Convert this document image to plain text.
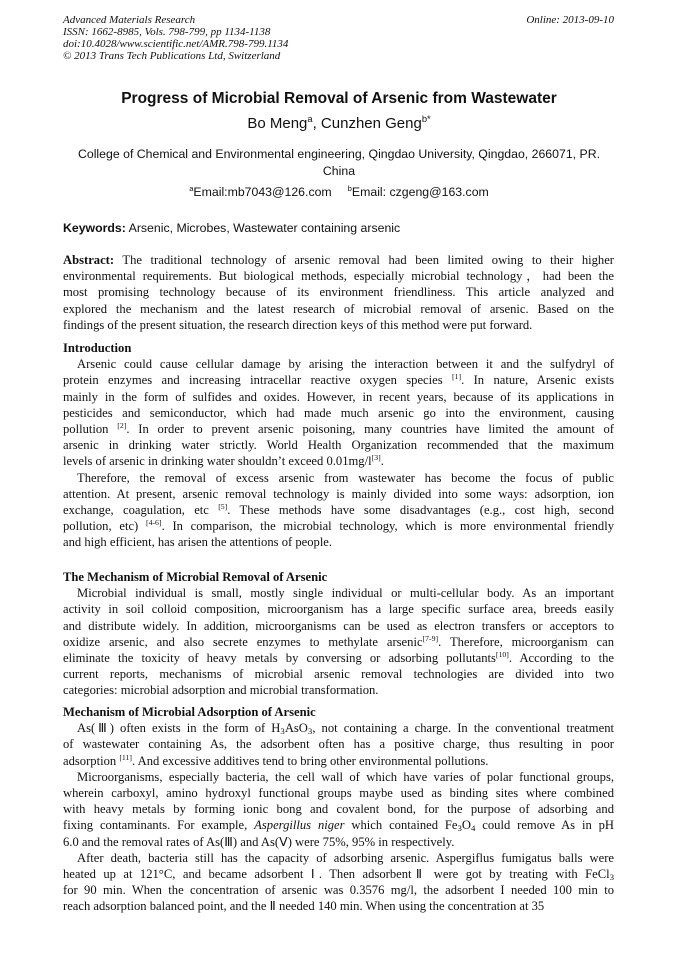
Advanced Materials Research
ISSN: 1662-8985, Vols. 798-799, pp 1134-1138
doi:10.4028/www.scientific.net/AMR.798-799.1134
© 2013 Trans Tech Publications Ltd, Switzerland
Online: 2013-09-10
Progress of Microbial Removal of Arsenic from Wastewater
Bo Meng$^a$, Cunzhen Geng$^{b*}$
College of Chemical and Environmental engineering, Qingdao University, Qingdao, 266071, PR.
China
$^a$Email:mb7043@126.com $^b$Email: czgeng@163.com
Keywords: Arsenic, Microbes, Wastewater containing arsenic
Abstract: The traditional technology of arsenic removal had been limited owing to their higher
environmental requirements. But biological methods, especially microbial technology，had been the
most promising technology because of its environment friendliness. This article analyzed and
explored the mechanism and the latest research of microbial removal of arsenic. Based on the
findings of the present situation, the research direction keys of this method were put forward.
Introduction
Arsenic could cause cellular damage by arising the interaction between it and the sulfydryl of
protein enzymes and increasing intracellar reactive oxygen species [1]. In nature, Arsenic exists
mainly in the form of sulfides and oxides. However, in recent years, because of its applications in
pesticides and semiconductor, which had made much arsenic go into the environment, causing
pollution [2]. In order to prevent arsenic poisoning, many countries have limited the amount of
arsenic in drinking water strictly. World Health Organization recommended that the maximum
levels of arsenic in drinking water shouldn’t exceed 0.01mg/l[3].
Therefore, the removal of excess arsenic from wastewater has become the focus of public
attention. At present, arsenic removal technology is mainly divided into some ways: adsorption, ion
exchange, coagulation, etc [5]. These methods have some disadvantages (e.g., cost high, second
pollution, etc) [4-6]. In comparison, the microbial technology, which is more environmental friendly
and high efficient, has arisen the attentions of people.
The Mechanism of Microbial Removal of Arsenic
Microbial individual is small, mostly single individual or multi-cellular body. As an important
activity in soil colloid composition, microorganism has a large specific surface area, breeds easily
and distribute widely. In addition, microorganisms can be used as electron transfers or acceptors to
oxidize arsenic, and also secrete enzymes to methylate arsenic[7-9]. Therefore, microorganism can
eliminate the toxicity of heavy metals by conversing or adsorbing pollutants[10]. According to the
current reports, mechanisms of microbial arsenic removal technologies are divided into two
categories: microbial adsorption and microbial transformation.
Mechanism of Microbial Adsorption of Arsenic
As(Ⅲ) often exists in the form of $H_3AsO_3$, not containing a charge. In the conventional treatment
of wastewater containing As, the adsorbent often has a positive charge, thus resulting in poor
adsorption [11]. And excessive additives tend to bring other environmental pollutions.
Microorganisms, especially bacteria, the cell wall of which have varies of polar functional groups,
wherein carboxyl, amino hydroxyl functional groups maybe used as binding sites where combined
with heavy metals by forming ionic bong and covalent bond, for the purpose of adsorbing and
fixing contaminants. For example, Aspergillus niger which contained $Fe_3O_4$ could remove As in pH
6.0 and the removal rates of As(Ⅲ) and As(Ⅴ) were 75%, 95% in respectively.
After death, bacteria still has the capacity of adsorbing arsenic. Aspergiflus fumigatus balls were
heated up at 121°C, and became adsorbent Ⅰ. Then adsorbentⅡ were got by treating with FeCl$_3$
for 90 min. When the concentration of arsenic was 0.3576 mg/l, the adsorbent I needed 100 min to
reach adsorption balanced point, and the Ⅱ needed 140 min. When using the concentration at 35
